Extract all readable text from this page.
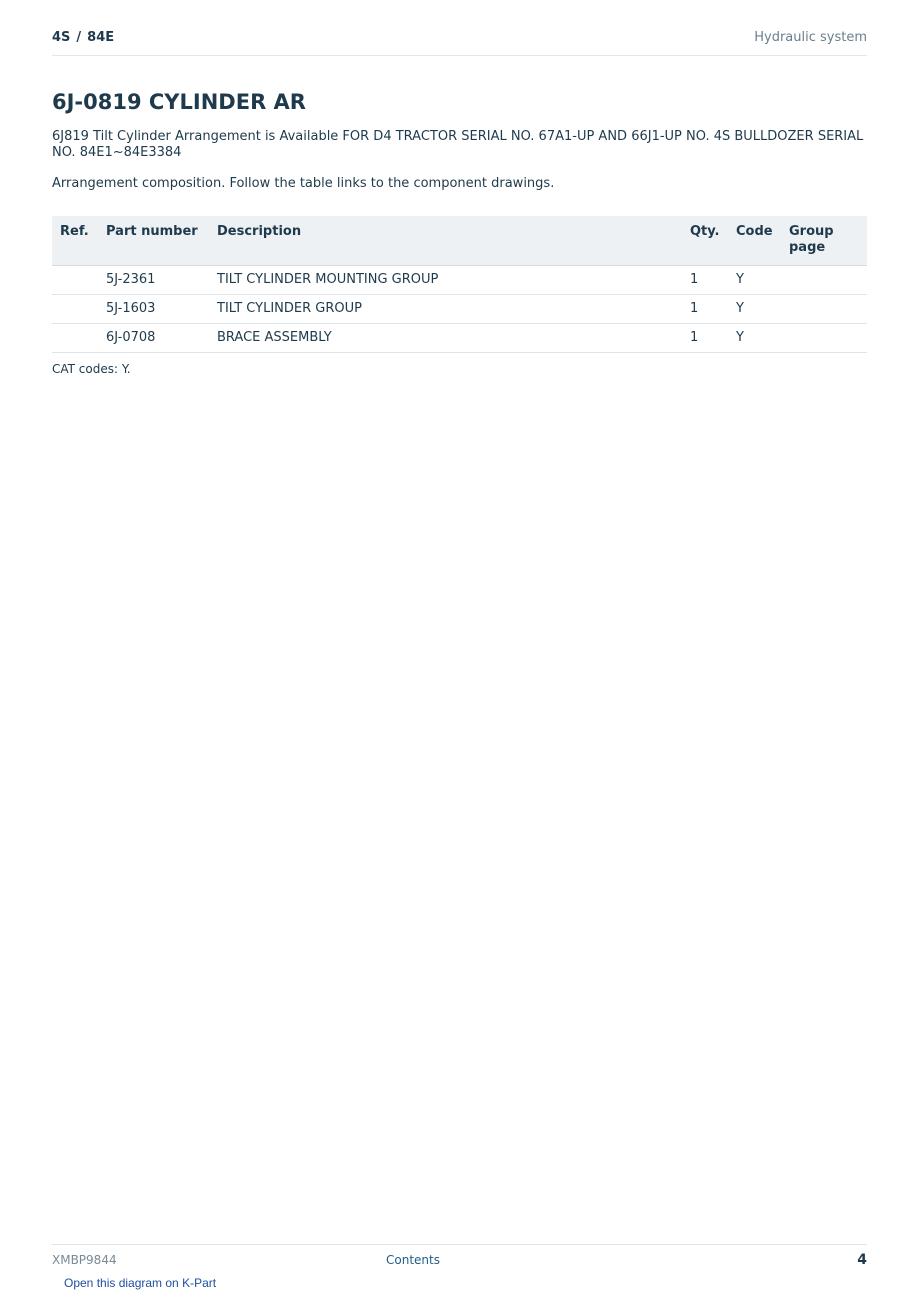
4S / 84E	Hydraulic system
6J-0819 CYLINDER AR

6J819 Tilt Cylinder Arrangement is Available FOR D4 TRACTOR SERIAL NO. 67A1-UP AND 66J1-UP NO. 4S BULLDOZER SERIAL NO. 84E1~84E3384

Arrangement composition. Follow the table links to the component drawings.

Ref.	Part number	Description	Qty.	Code	Group page
	5J-2361	TILT CYLINDER MOUNTING GROUP	1	Y	
	5J-1603	TILT CYLINDER GROUP	1	Y	
	6J-0708	BRACE ASSEMBLY	1	Y	

CAT codes: Y.

XMBP9844	Contents	4
Open this diagram on K-Part
